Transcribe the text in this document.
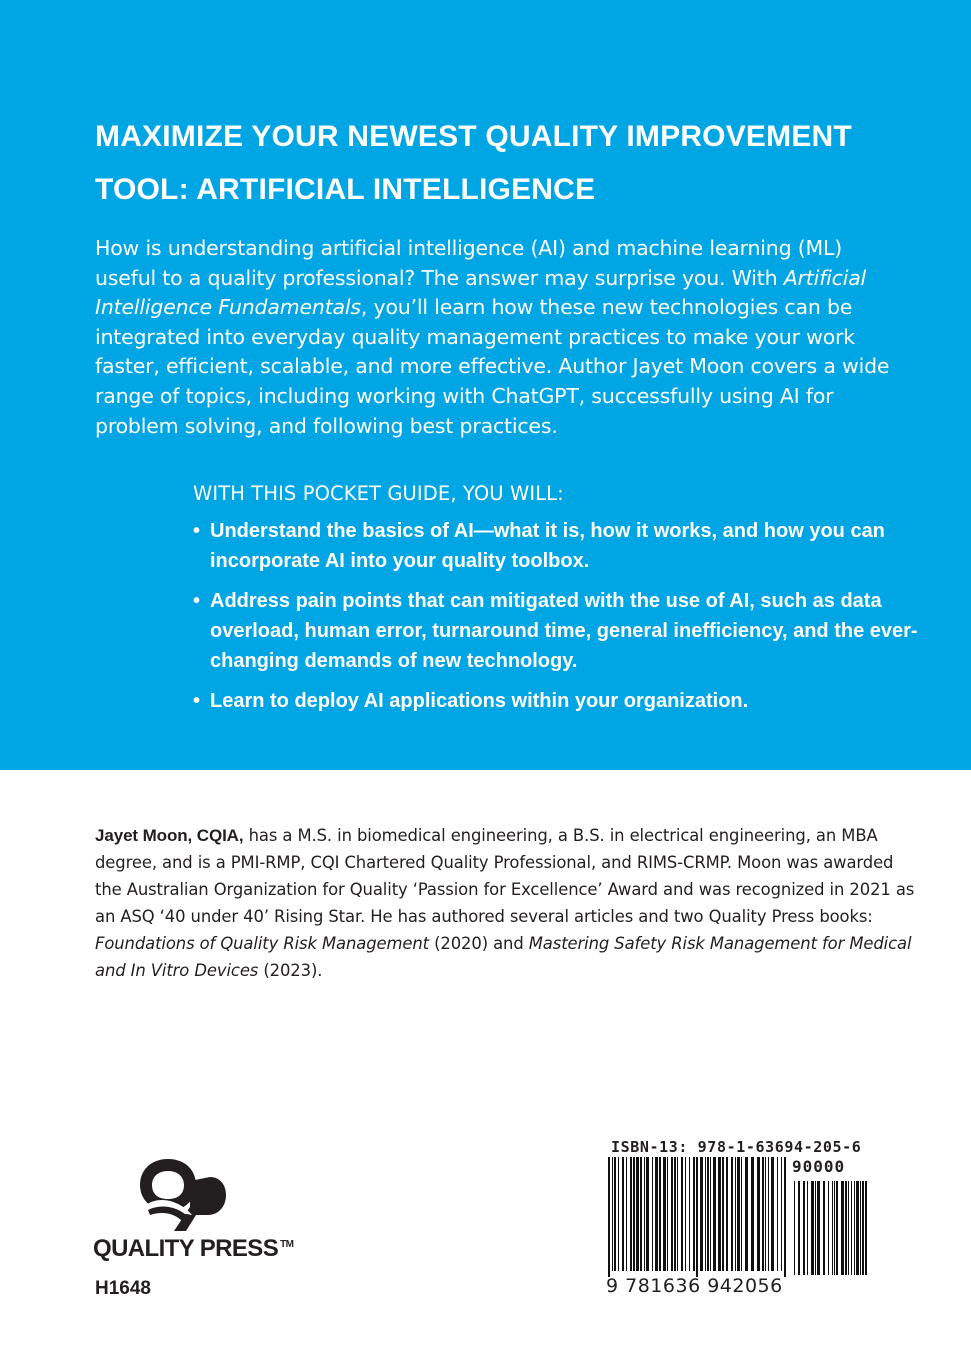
MAXIMIZE YOUR NEWEST QUALITY IMPROVEMENT
TOOL: ARTIFICIAL INTELLIGENCE

How is understanding artificial intelligence (AI) and machine learning (ML) useful to a quality professional? The answer may surprise you. With Artificial Intelligence Fundamentals, you’ll learn how these new technologies can be integrated into everyday quality management practices to make your work faster, efficient, scalable, and more effective. Author Jayet Moon covers a wide range of topics, including working with ChatGPT, successfully using AI for problem solving, and following best practices.

WITH THIS POCKET GUIDE, YOU WILL:
• Understand the basics of AI—what it is, how it works, and how you can incorporate AI into your quality toolbox.
• Address pain points that can mitigated with the use of AI, such as data overload, human error, turnaround time, general inefficiency, and the ever-changing demands of new technology.
• Learn to deploy AI applications within your organization.

Jayet Moon, CQIA, has a M.S. in biomedical engineering, a B.S. in electrical engineering, an MBA degree, and is a PMI-RMP, CQI Chartered Quality Professional, and RIMS-CRMP. Moon was awarded the Australian Organization for Quality ‘Passion for Excellence’ Award and was recognized in 2021 as an ASQ ‘40 under 40’ Rising Star. He has authored several articles and two Quality Press books: Foundations of Quality Risk Management (2020) and Mastering Safety Risk Management for Medical and In Vitro Devices (2023).

QUALITY PRESS ™
H1648
ISBN-13: 978-1-63694-205-6
90000
9 781636 942056
